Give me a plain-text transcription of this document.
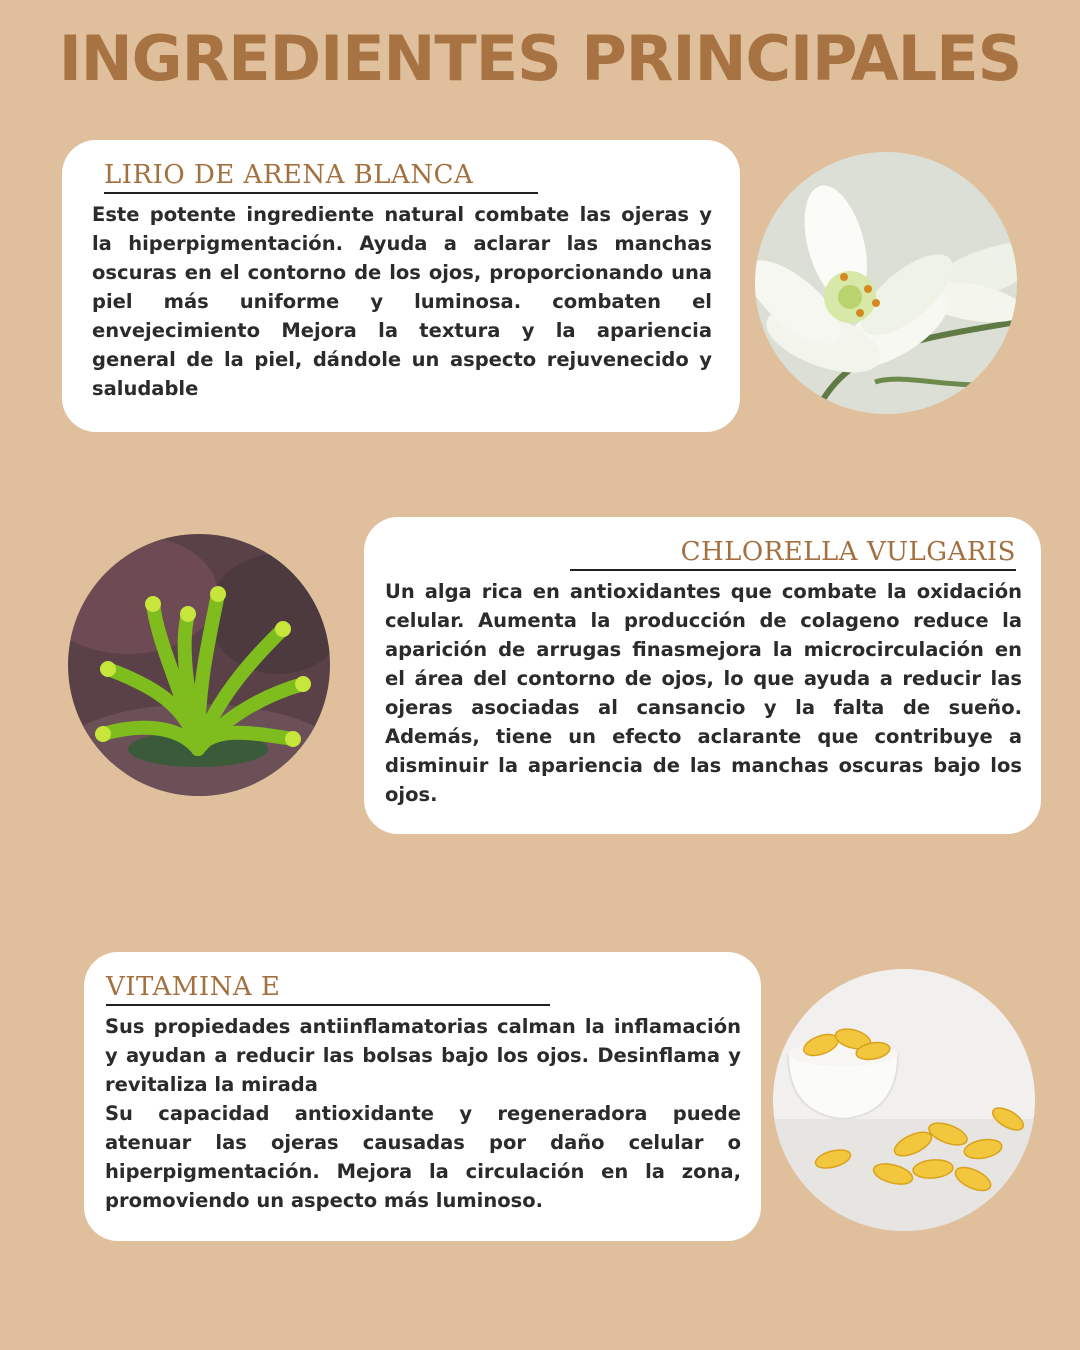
INGREDIENTES PRINCIPALES
LIRIO DE ARENA BLANCA

Este potente ingrediente natural combate las ojeras y la hiperpigmentación. Ayuda a aclarar las manchas oscuras en el contorno de los ojos, proporcionando una piel más uniforme y luminosa. combaten el envejecimiento Mejora la textura y la apariencia general de la piel, dándole un aspecto rejuvenecido y saludable

CHLORELLA VULGARIS

Un alga rica en antioxidantes que combate la oxidación celular. Aumenta la producción de colageno reduce la aparición de arrugas finasmejora la microcirculación en el área del contorno de ojos, lo que ayuda a reducir las ojeras asociadas al cansancio y la falta de sueño. Además, tiene un efecto aclarante que contribuye a disminuir la apariencia de las manchas oscuras bajo los ojos.

VITAMINA E

Sus propiedades antiinflamatorias calman la inflamación y ayudan a reducir las bolsas bajo los ojos. Desinflama y revitaliza la mirada
Su capacidad antioxidante y regeneradora puede atenuar las ojeras causadas por daño celular o hiperpigmentación. Mejora la circulación en la zona, promoviendo un aspecto más luminoso.
